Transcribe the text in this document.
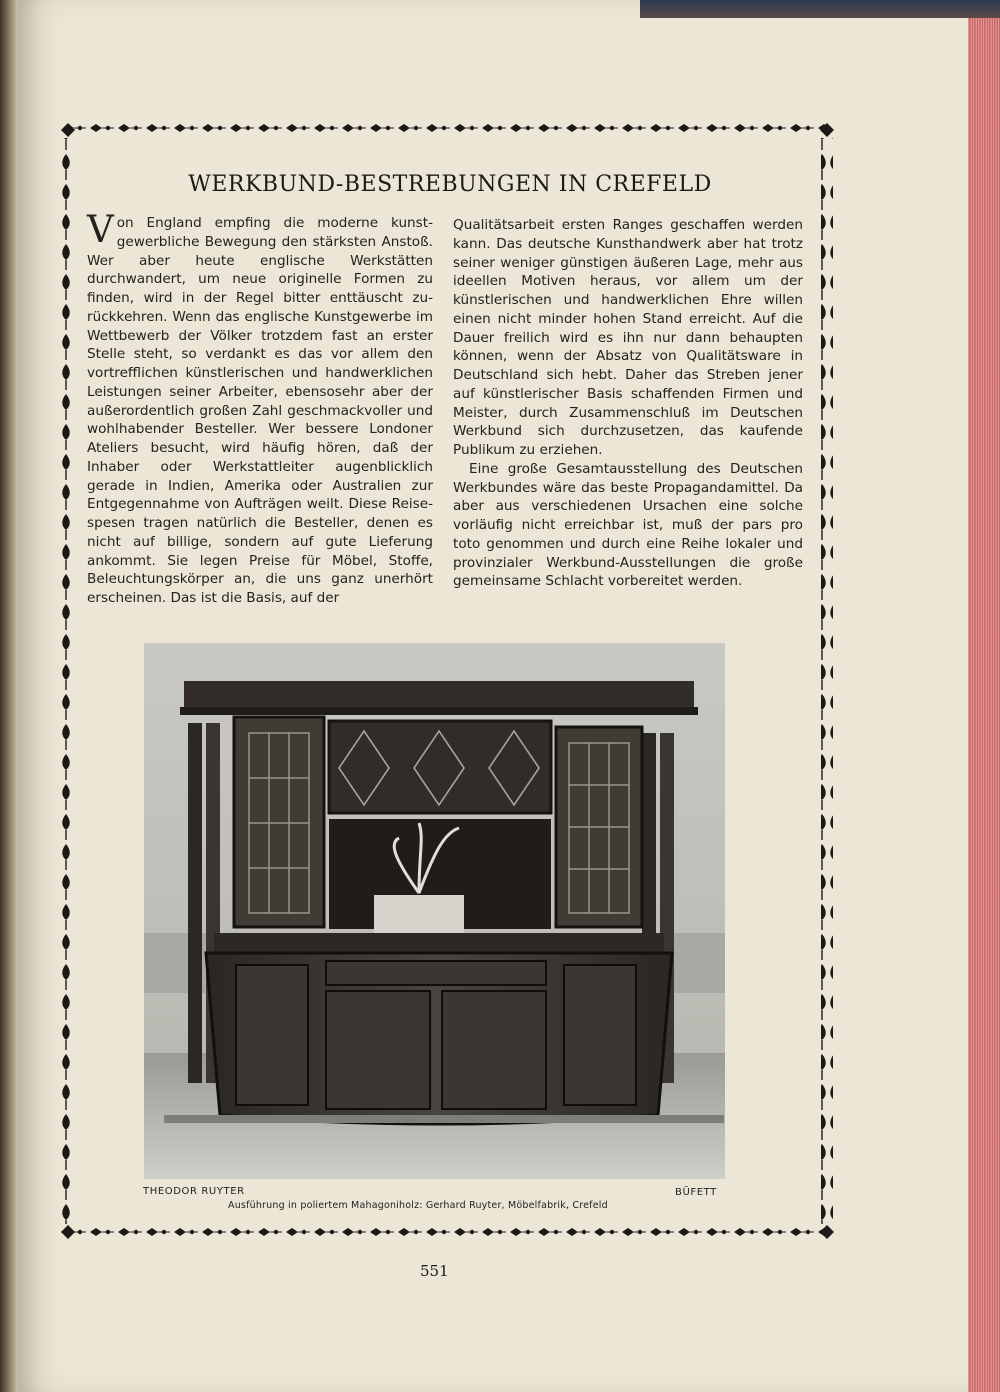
WERKBUND-BESTREBUNGEN IN CREFELD

Von England empfing die moderne kunstgewerbliche Bewegung den stärksten Anstoß. Wer aber heute englische Werkstätten durchwandert, um neue originelle Formen zu finden, wird in der Regel bitter enttäuscht zurückkehren. Wenn das englische Kunstgewerbe im Wettbewerb der Völker trotzdem fast an erster Stelle steht, so verdankt es das vor allem den vortrefflichen künstlerischen und handwerklichen Leistungen seiner Arbeiter, ebensosehr aber der außerordentlich großen Zahl geschmackvoller und wohlhabender Besteller. Wer bessere Londoner Ateliers besucht, wird häufig hören, daß der Inhaber oder Werkstattleiter augenblicklich gerade in Indien, Amerika oder Australien zur Entgegennahme von Aufträgen weilt. Diese Reisespesen tragen natürlich die Besteller, denen es nicht auf billige, sondern auf gute Lieferung ankommt. Sie legen Preise für Möbel, Stoffe, Beleuchtungskörper an, die uns ganz unerhört erscheinen. Das ist die Basis, auf der

Qualitätsarbeit ersten Ranges geschaffen werden kann. Das deutsche Kunsthandwerk aber hat trotz seiner weniger günstigen äußeren Lage, mehr aus ideellen Motiven heraus, vor allem um der künstlerischen und handwerklichen Ehre willen einen nicht minder hohen Stand erreicht. Auf die Dauer freilich wird es ihn nur dann behaupten können, wenn der Absatz von Qualitätsware in Deutschland sich hebt. Daher das Streben jener auf künstlerischer Basis schaffenden Firmen und Meister, durch Zusammenschluß im Deutschen Werkbund sich durchzusetzen, das kaufende Publikum zu erziehen.

Eine große Gesamtausstellung des Deutschen Werkbundes wäre das beste Propagandamittel. Da aber aus verschiedenen Ursachen eine solche vorläufig nicht erreichbar ist, muß der pars pro toto genommen und durch eine Reihe lokaler und provinzialer Werkbund-Ausstellungen die große gemeinsame Schlacht vorbereitet werden.

THEODOR RUYTER	BÜFETT
Ausführung in poliertem Mahagoniholz: Gerhard Ruyter, Möbelfabrik, Crefeld
551
